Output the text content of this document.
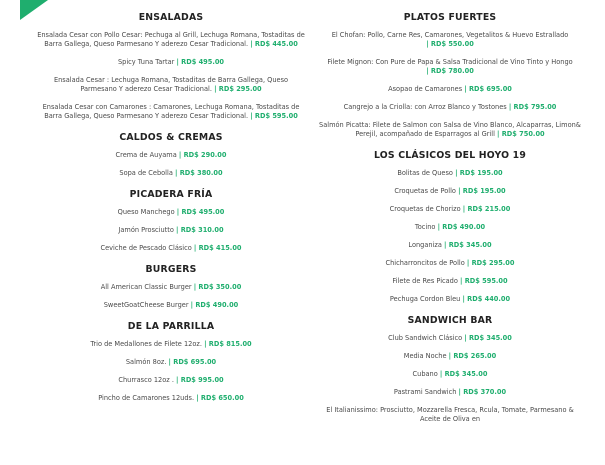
ENSALADAS
Ensalada Cesar con Pollo Cesar: Pechuga al Grill, Lechuga Romana, Tostaditas de Barra Gallega, Queso Parmesano Y aderezo Cesar Tradicional. | RD$ 445.00
Spicy Tuna Tartar | RD$ 495.00
Ensalada Cesar : Lechuga Romana, Tostaditas de Barra Gallega, Queso Parmesano Y aderezo Cesar Tradicional. | RD$ 295.00
Ensalada Cesar con Camarones : Camarones, Lechuga Romana, Tostaditas de Barra Gallega, Queso Parmesano Y aderezo Cesar Tradicional. | RD$ 595.00
CALDOS & CREMAS
Crema de Auyama | RD$ 290.00
Sopa de Cebolla | RD$ 380.00
PICADERA FRÍA
Queso Manchego | RD$ 495.00
Jamón Prosciutto | RD$ 310.00
Ceviche de Pescado Clásico | RD$ 415.00
BURGERS
All American Classic Burger | RD$ 350.00
SweetGoatCheese Burger | RD$ 490.00
DE LA PARRILLA
Trio de Medallones de Filete 12oz. | RD$ 815.00
Salmón 8oz. | RD$ 695.00
Churrasco 12oz . | RD$ 995.00
Pincho de Camarones 12uds. | RD$ 650.00
PLATOS FUERTES
El Chofan: Pollo, Carne Res, Camarones, Vegetalitos & Huevo Estrallado | RD$ 550.00
Filete Mignon: Con Pure de Papa & Salsa Tradicional de Vino Tinto y Hongo | RD$ 780.00
Asopao de Camarones | RD$ 695.00
Cangrejo a la Criolla: con Arroz Blanco y Tostones | RD$ 795.00
Salmón Picatta: Filete de Salmon con Salsa de Vino Blanco, Alcaparras, Limon& Perejil, acompañado de Esparragos al Grill | RD$ 750.00
LOS CLÁSICOS DEL HOYO 19
Bolitas de Queso | RD$ 195.00
Croquetas de Pollo | RD$ 195.00
Croquetas de Chorizo | RD$ 215.00
Tocino | RD$ 490.00
Longaniza | RD$ 345.00
Chicharroncitos de Pollo | RD$ 295.00
Filete de Res Picado | RD$ 595.00
Pechuga Cordon Bleu | RD$ 440.00
SANDWICH BAR
Club Sandwich Clásico | RD$ 345.00
Media Noche | RD$ 265.00
Cubano | RD$ 345.00
Pastrami Sandwich | RD$ 370.00
El Italianissimo: Prosciutto, Mozzarella Fresca, Rcula, Tomate, Parmesano & Aceite de Oliva en
